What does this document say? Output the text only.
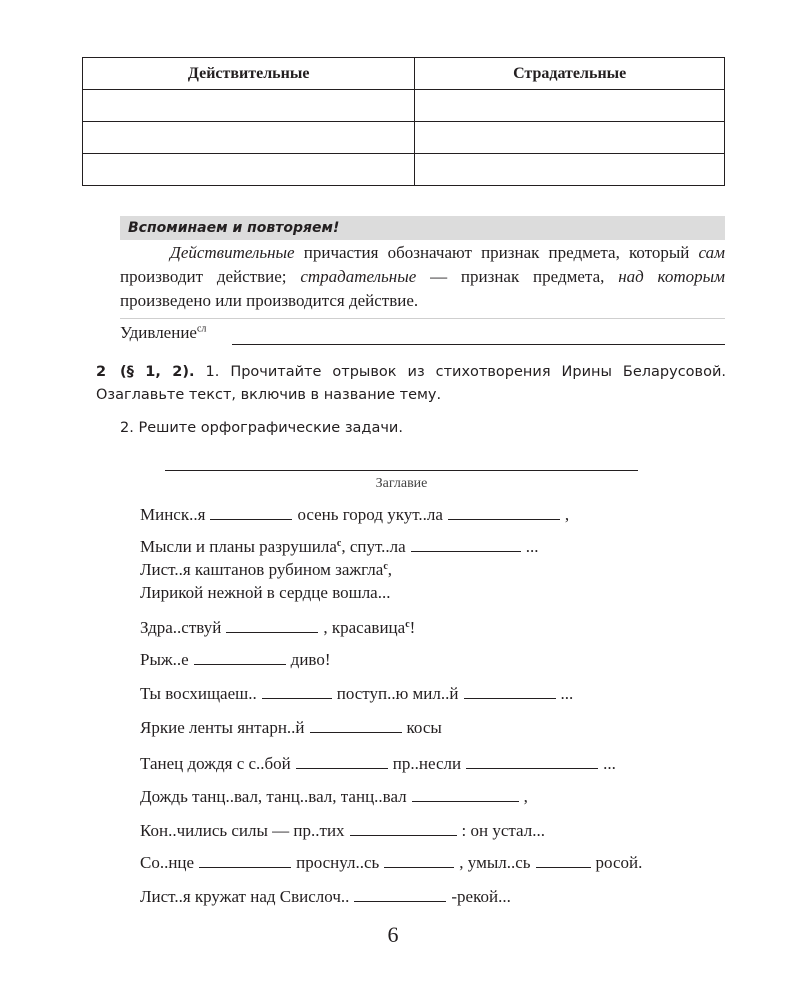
Действительные	Страдательные

Вспоминаем и повторяем!

Действительные причастия обозначают признак предмета, который сам производит действие; страдательные — признак предмета, над которым произведено или производится действие.

Удивление$^{сл}$

2 (§ 1, 2). 1. Прочитайте отрывок из стихотворения Ирины Беларусовой. Озаглавьте текст, включив в название тему.

2. Решите орфографические задачи.

Заглавие
Минск..я	осень город укут..ла	,
Мысли и планы разрушила$^с$, спут..ла	...
Лист..я каштанов рубином зажгла$^с$,
Лирикой нежной в сердце вошла...
Здра..ствуй	, красавица$^с$!
Рыж..е	диво!
Ты восхищаеш..	поступ..ю мил..й	...
Яркие ленты янтарн..й	косы
Танец дождя с с..бой	пр..несли	...
Дождь танц..вал, танц..вал, танц..вал	,
Кон..чились силы — пр..тих	: он устал...
Со..нце	проснул..сь	, умыл..сь	росой.
Лист..я кружат над Свислоч..	-рекой...
6
